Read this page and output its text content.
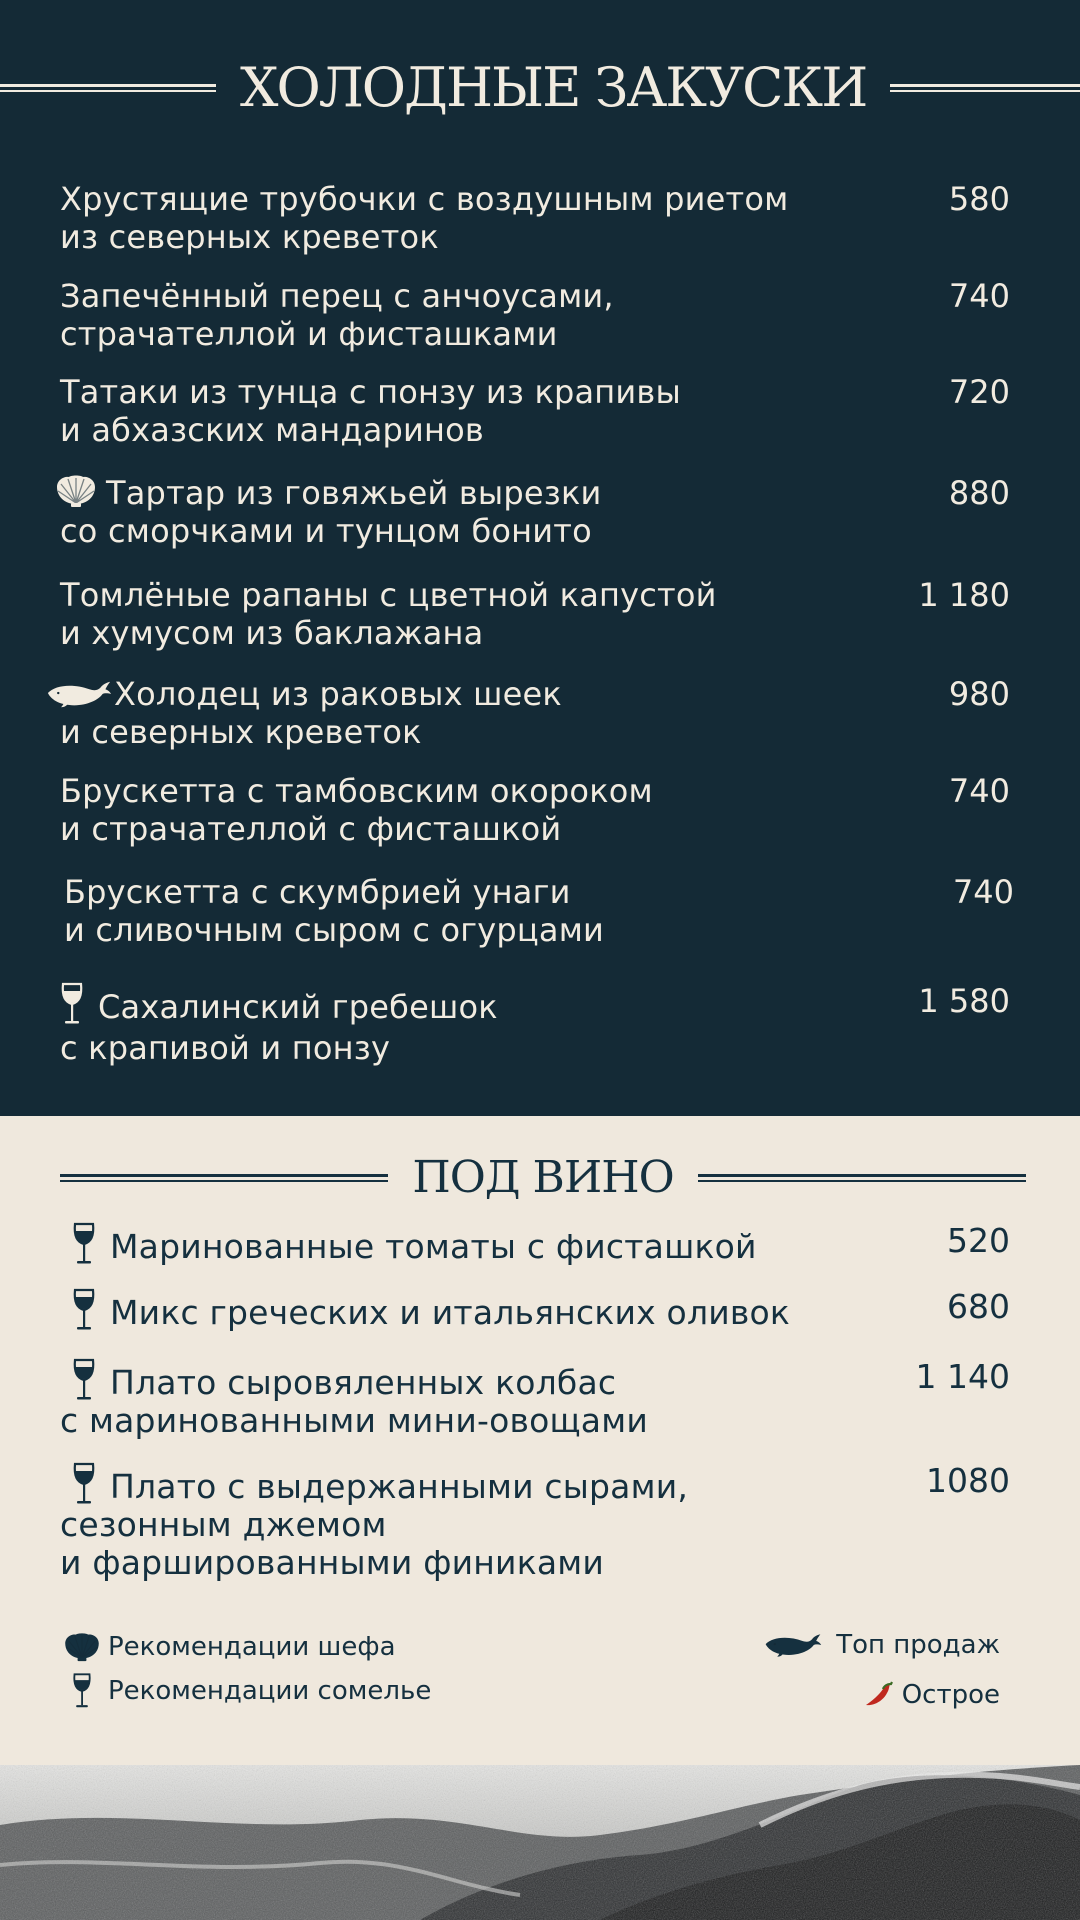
ХОЛОДНЫЕ ЗАКУСКИ
Хрустящие трубочки с воздушным риетом
из северных креветок
580
Запечённый перец с анчоусами,
страчателлой и фисташками
740
Татаки из тунца с понзу из крапивы
и абхазских мандаринов
720
Тартар из говяжьей вырезки
со сморчками и тунцом бонито
880
Томлёные рапаны с цветной капустой
и хумусом из баклажана
1 180
Холодец из раковых шеек
и северных креветок
980
Брускетта с тамбовским окороком
и страчателлой с фисташкой
740
Брускетта с скумбрией унаги
и сливочным сыром с огурцами
740
Сахалинский гребешок
с крапивой и понзу
1 580
ПОД ВИНО
Маринованные томаты с фисташкой	520
Микс греческих и итальянских оливок	680
Плато сыровяленных колбас
с маринованными мини-овощами
1 140
Плато с выдержанными сырами,
сезонным джемом
и фаршированными финиками
1080
Рекомендации шефа
Рекомендации сомелье
Топ продаж
Острое
